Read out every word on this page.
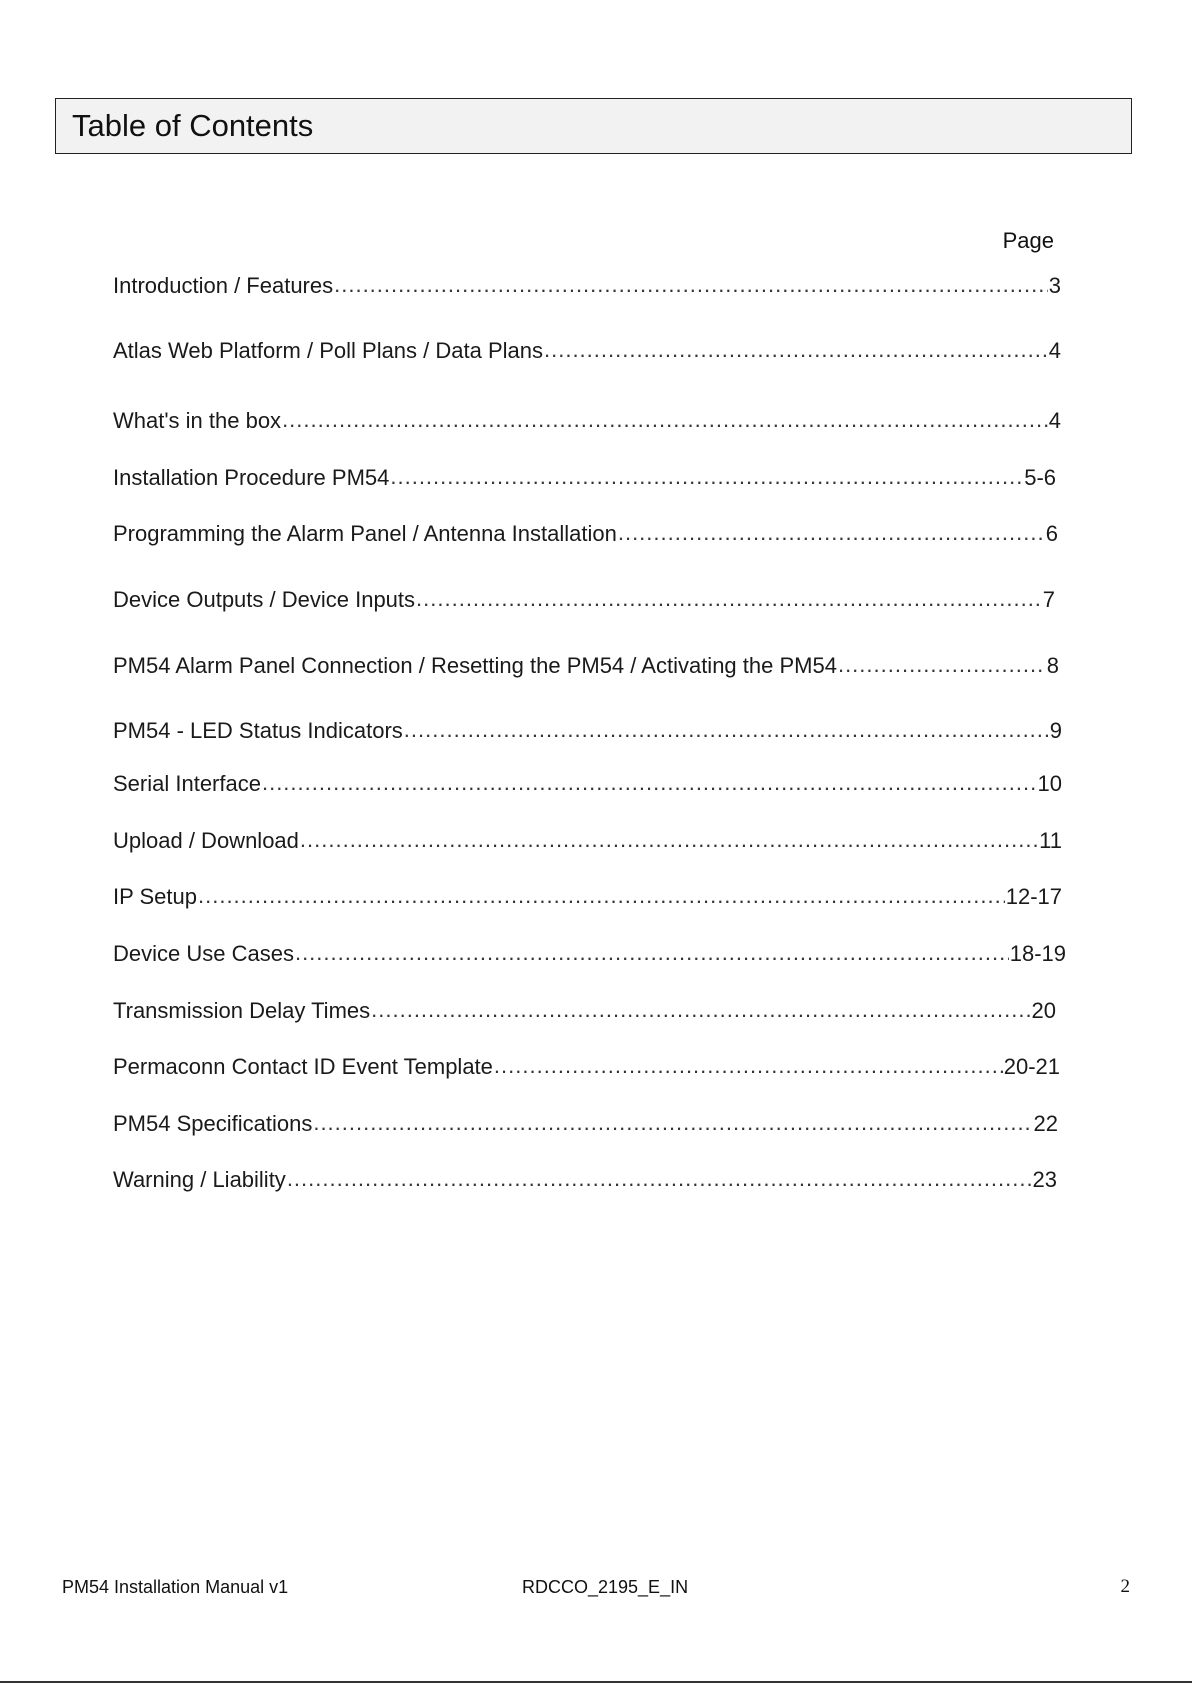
Table of Contents
Page
Introduction / Features .....	3
Atlas Web Platform / Poll Plans / Data Plans .....	4
What's in the box .....	4
Installation Procedure PM54 .....	5-6
Programming the Alarm Panel / Antenna Installation .....	6
Device Outputs / Device Inputs .....	7
PM54 Alarm Panel Connection / Resetting the PM54 / Activating the PM54 .....	8
PM54 - LED Status Indicators .....	9
Serial Interface .....	10
Upload / Download .....	11
IP Setup .....	12-17
Device Use Cases .....	18-19
Transmission Delay Times .....	20
Permaconn Contact ID Event Template .....	20-21
PM54 Specifications .....	22
Warning / Liability .....	23
PM54 Installation Manual v1	RDCCO_2195_E_IN	2
